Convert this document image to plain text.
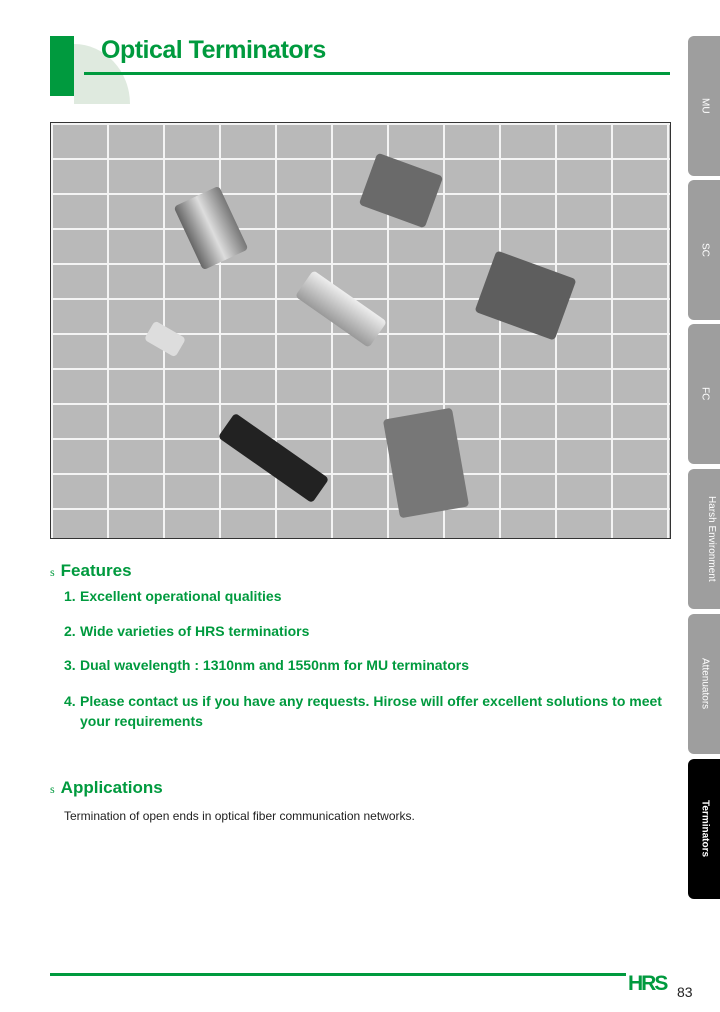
Optical Terminators
MU
SC
FC
Harsh Environment
Attenuators
Terminators
s Features
1. Excellent operational qualities
2. Wide varieties of HRS terminatiors
3. Dual wavelength : 1310nm and 1550nm for MU terminators
4. Please contact us if you have any requests. Hirose will offer excellent solutions to meet
your requirements
s Applications
Termination of open ends in optical fiber communication networks.
HRS 83
